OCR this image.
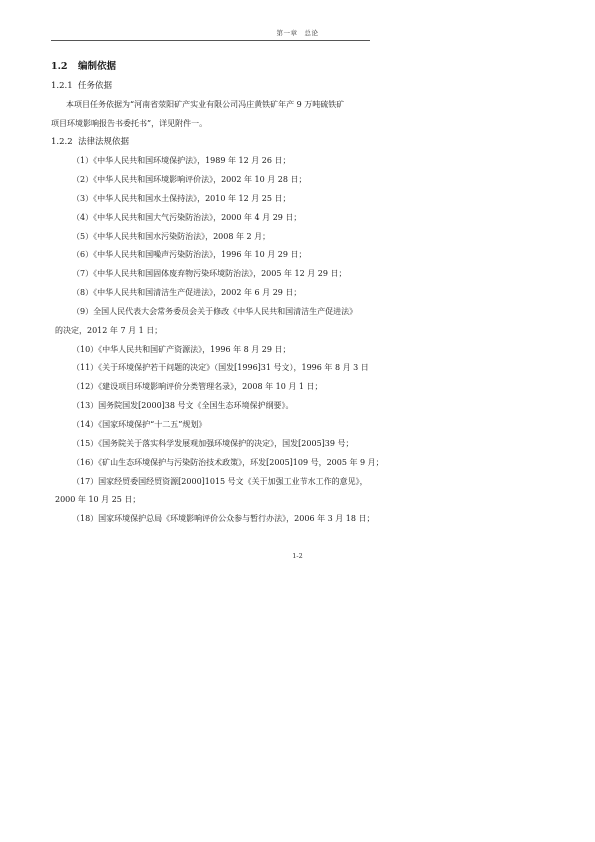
第一章　总论
1.2 编制依据
1.2.1 任务依据
本项目任务依据为“河南省荥阳矿产实业有限公司冯庄黄铁矿年产 9 万吨硫铁矿
项目环境影响报告书委托书”，详见附件一。
1.2.2 法律法规依据
（1）《中华人民共和国环境保护法》，1989 年 12 月 26 日；
（2）《中华人民共和国环境影响评价法》，2002 年 10 月 28 日；
（3）《中华人民共和国水土保持法》，2010 年 12 月 25 日；
（4）《中华人民共和国大气污染防治法》，2000 年 4 月 29 日；
（5）《中华人民共和国水污染防治法》，2008 年 2 月；
（6）《中华人民共和国噪声污染防治法》，1996 年 10 月 29 日；
（7）《中华人民共和国固体废弃物污染环境防治法》，2005 年 12 月 29 日；
（8）《中华人民共和国清洁生产促进法》，2002 年 6 月 29 日；
（9）全国人民代表大会常务委员会关于修改《中华人民共和国清洁生产促进法》
的决定，2012 年 7 月 1 日；
（10）《中华人民共和国矿产资源法》，1996 年 8 月 29 日；
（11）《关于环境保护若干问题的决定》（国发[1996]31 号文），1996 年 8 月 3 日
（12）《建设项目环境影响评价分类管理名录》，2008 年 10 月 1 日；
（13）国务院国发[2000]38 号文《全国生态环境保护纲要》。
（14）《国家环境保护“十二五”规划》
（15）《国务院关于落实科学发展观加强环境保护的决定》，国发[2005]39 号；
（16）《矿山生态环境保护与污染防治技术政策》，环发[2005]109 号，2005 年 9 月；
（17）国家经贸委国经贸资源[2000]1015 号文《关于加强工业节水工作的意见》，
2000 年 10 月 25 日；
（18）国家环境保护总局《环境影响评价公众参与暂行办法》，2006 年 3 月 18 日；
1-2
